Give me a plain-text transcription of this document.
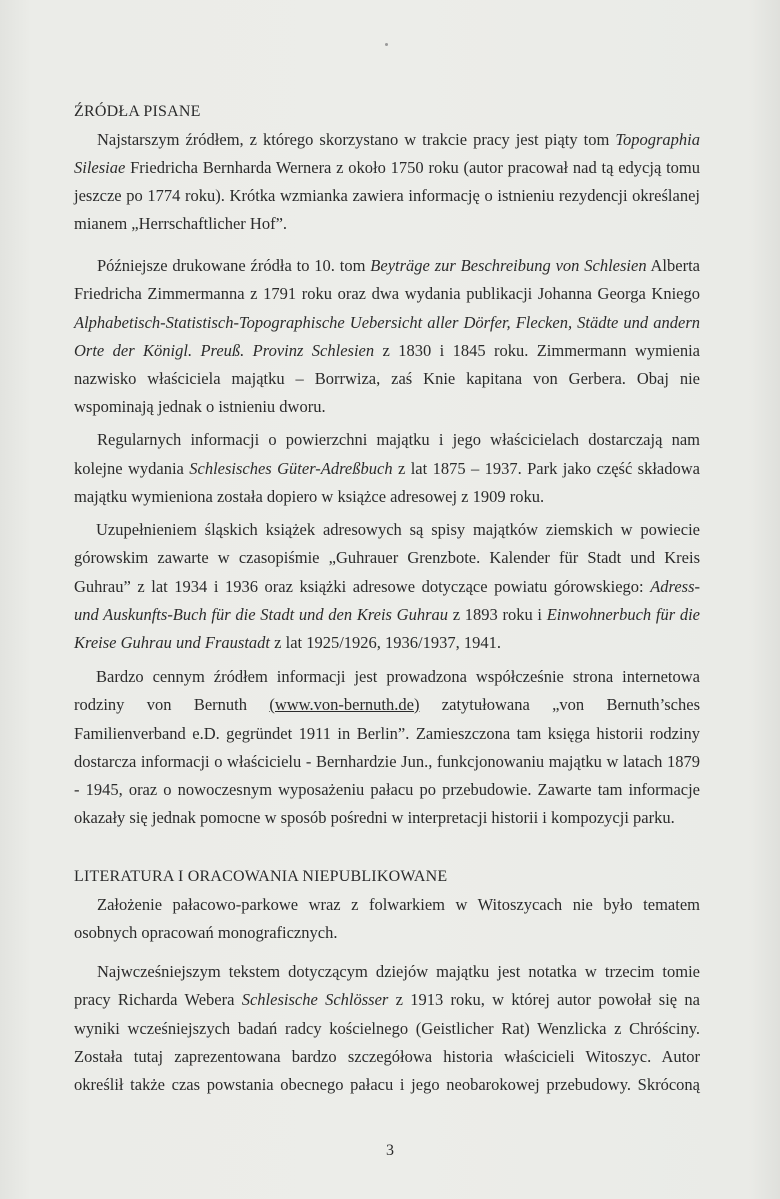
ŹRÓDŁA PISANE

Najstarszym źródłem, z którego skorzystano w trakcie pracy jest piąty tom Topographia

Silesiae Friedricha Bernharda Wernera z około 1750 roku (autor pracował nad tą edycją tomu

jeszcze po 1774 roku). Krótka wzmianka zawiera informację o istnieniu rezydencji określanej

mianem „Herrschaftlicher Hof”.

Późniejsze drukowane źródła to 10. tom Beyträge zur Beschreibung von Schlesien Alberta

Friedricha Zimmermanna z 1791 roku oraz dwa wydania publikacji Johanna Georga Kniego

Alphabetisch-Statistisch-Topographische Uebersicht aller Dörfer, Flecken, Städte und andern

Orte der Königl. Preuß. Provinz Schlesien z 1830 i 1845 roku. Zimmermann wymienia

nazwisko właściciela majątku – Borrwiza, zaś Knie kapitana von Gerbera. Obaj nie

wspominają jednak o istnieniu dworu.

Regularnych informacji o powierzchni majątku i jego właścicielach dostarczają nam

kolejne wydania Schlesisches Güter-Adreßbuch z lat 1875 – 1937. Park jako część składowa

majątku wymieniona została dopiero w książce adresowej z 1909 roku.

Uzupełnieniem śląskich książek adresowych są spisy majątków ziemskich w powiecie

górowskim zawarte w czasopiśmie „Guhrauer Grenzbote. Kalender für Stadt und Kreis

Guhrau” z lat 1934 i 1936 oraz książki adresowe dotyczące powiatu górowskiego: Adress-

und Auskunfts-Buch für die Stadt und den Kreis Guhrau z 1893 roku i Einwohnerbuch für die

Kreise Guhrau und Fraustadt z lat 1925/1926, 1936/1937, 1941.

Bardzo cennym źródłem informacji jest prowadzona współcześnie strona internetowa

rodziny von Bernuth (www.von-bernuth.de) zatytułowana „von Bernuth’sches

Familienverband e.D. gegründet 1911 in Berlin”. Zamieszczona tam księga historii rodziny

dostarcza informacji o właścicielu - Bernhardzie Jun., funkcjonowaniu majątku w latach 1879

- 1945, oraz o nowoczesnym wyposażeniu pałacu po przebudowie. Zawarte tam informacje

okazały się jednak pomocne w sposób pośredni w interpretacji historii i kompozycji parku.

LITERATURA I ORACOWANIA NIEPUBLIKOWANE

Założenie pałacowo-parkowe wraz z folwarkiem w Witoszycach nie było tematem

osobnych opracowań monograficznych.

Najwcześniejszym tekstem dotyczącym dziejów majątku jest notatka w trzecim tomie

pracy Richarda Webera Schlesische Schlösser z 1913 roku, w której autor powołał się na

wyniki wcześniejszych badań radcy kościelnego (Geistlicher Rat) Wenzlicka z Chróściny.

Została tutaj zaprezentowana bardzo szczegółowa historia właścicieli Witoszyc. Autor

określił także czas powstania obecnego pałacu i jego neobarokowej przebudowy. Skróconą

3
